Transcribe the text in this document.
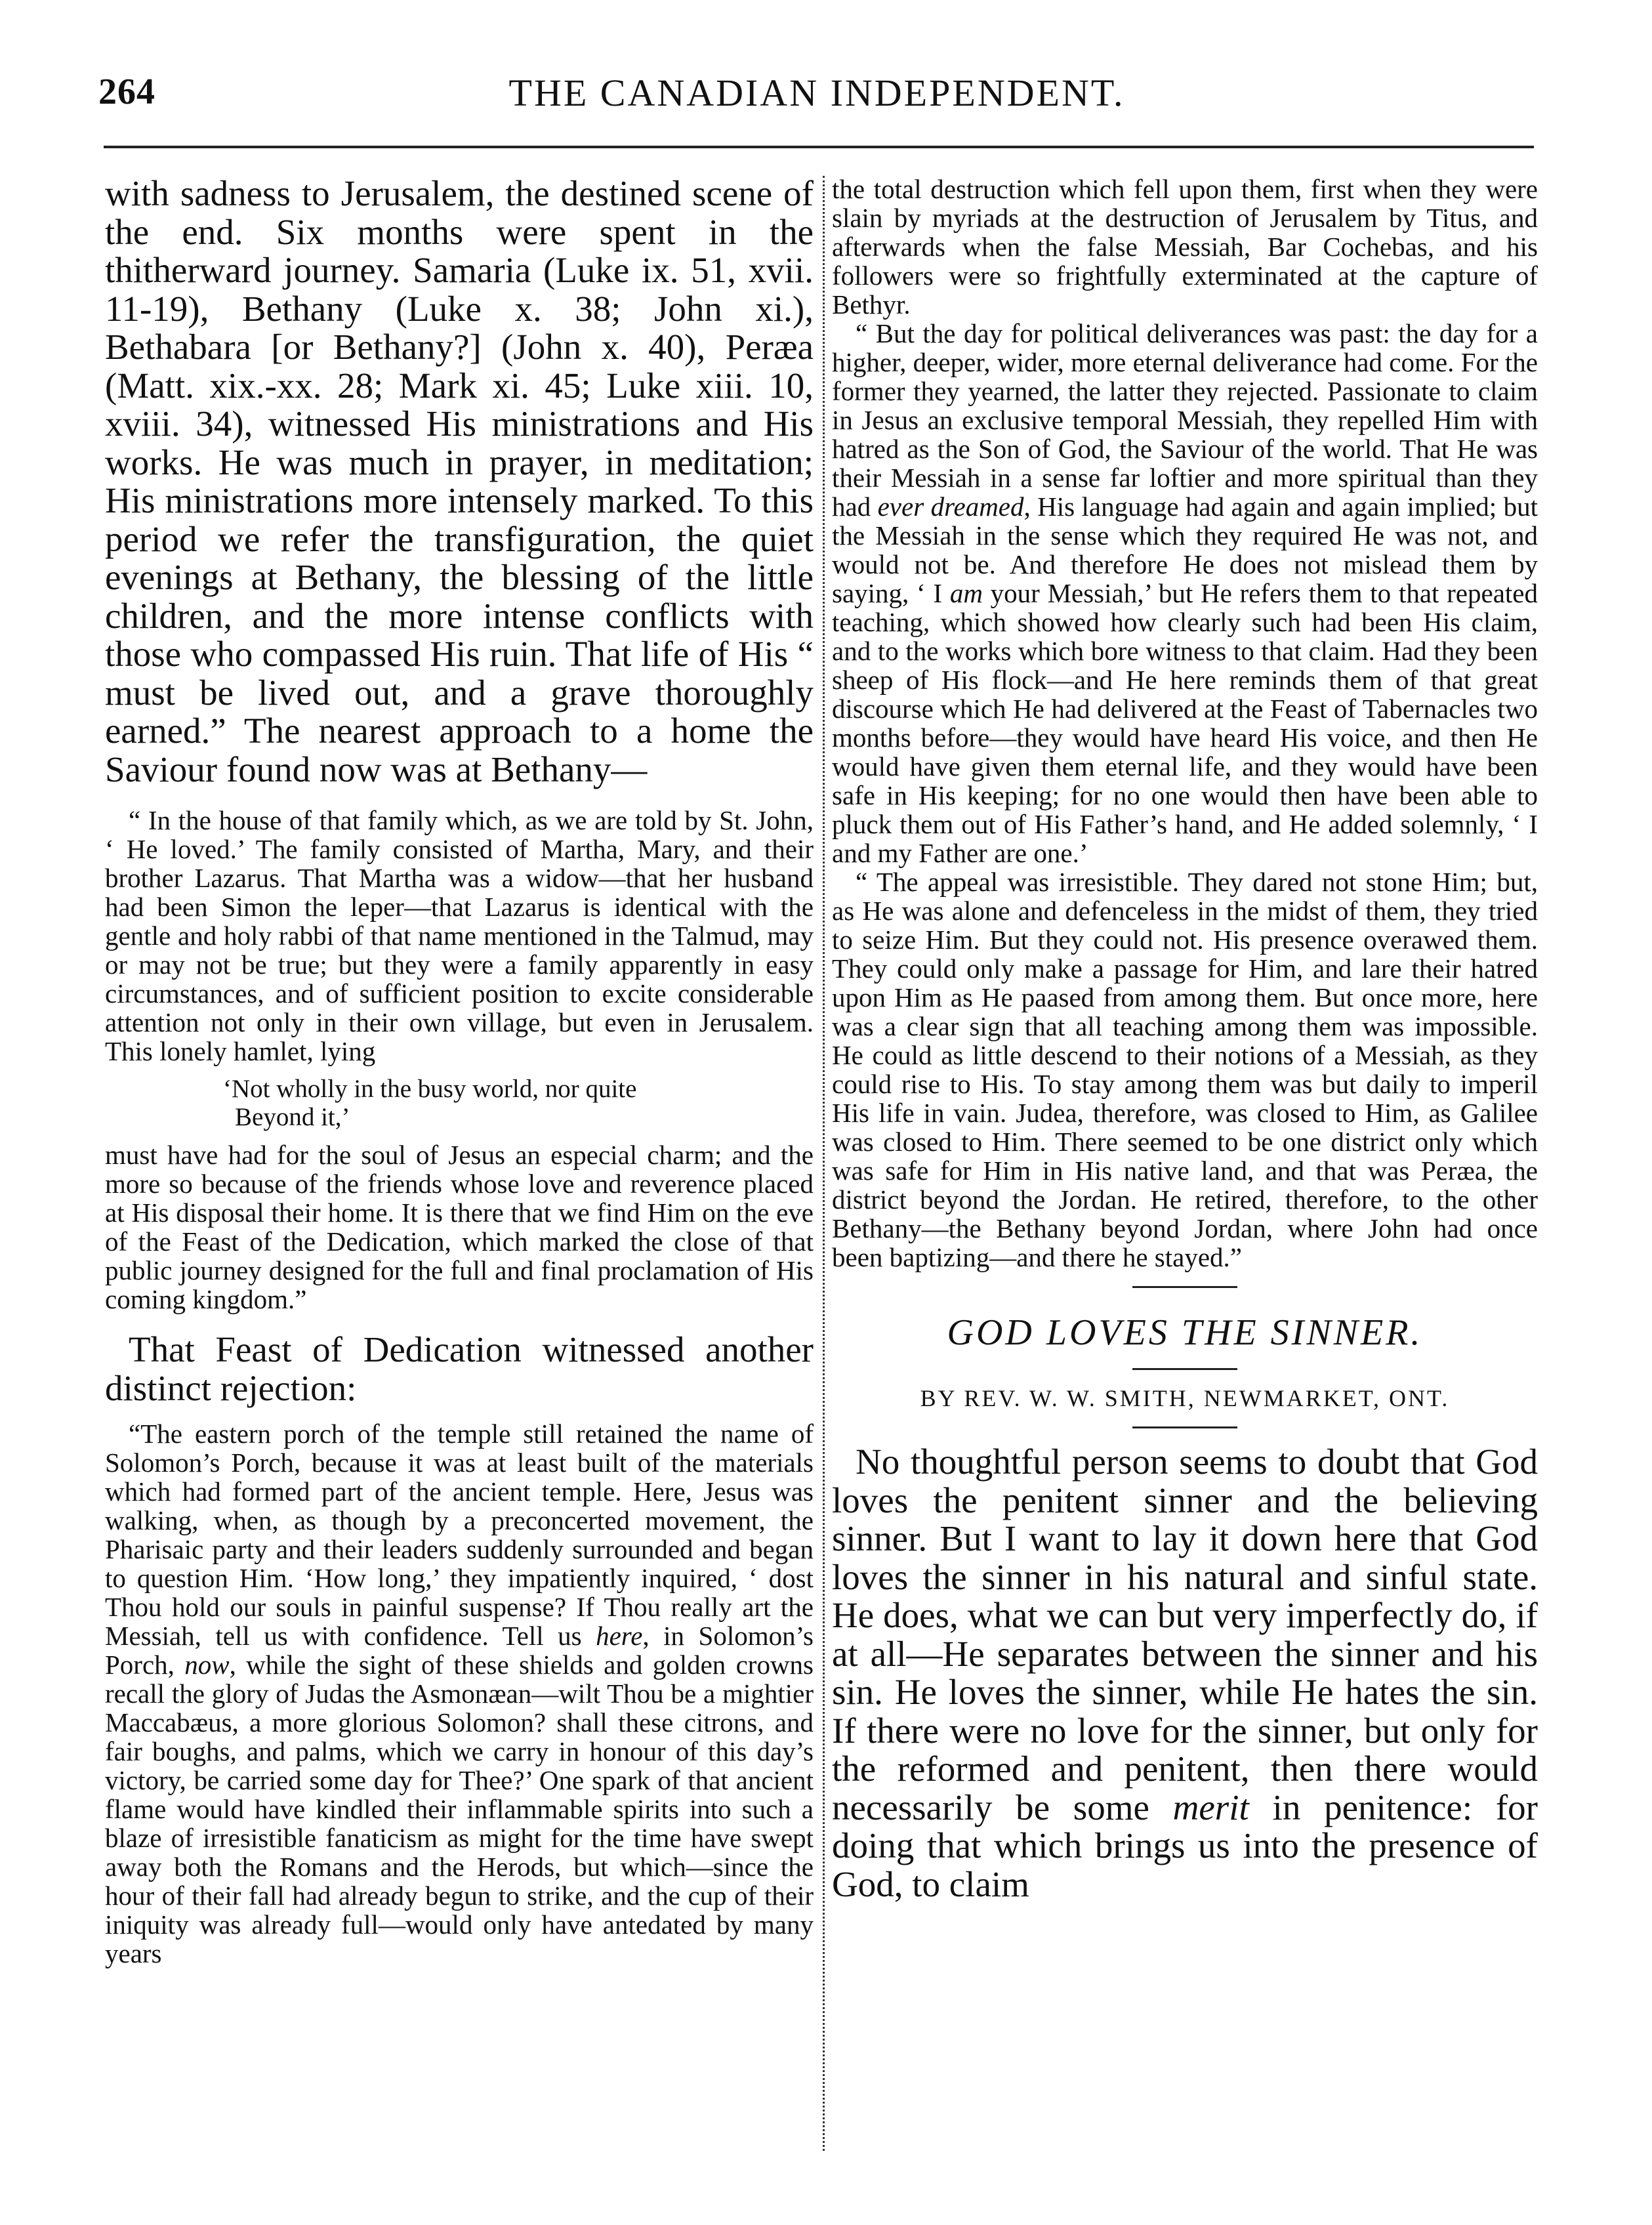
264	THE CANADIAN INDEPENDENT.

with sadness to Jerusalem, the destined scene of the end. Six months were spent in the thitherward journey. Samaria (Luke ix. 51, xvii. 11-19), Bethany (Luke x. 38; John xi.), Bethabara [or Bethany?] (John x. 40), Peræa (Matt. xix.-xx. 28; Mark xi. 45; Luke xiii. 10, xviii. 34), witnessed His ministrations and His works. He was much in prayer, in meditation; His ministrations more intensely marked. To this period we refer the transfiguration, the quiet evenings at Bethany, the blessing of the little children, and the more intense conflicts with those who compassed His ruin. That life of His “ must be lived out, and a grave thoroughly earned.” The nearest approach to a home the Saviour found now was at Bethany—

“ In the house of that family which, as we are told by St. John, ‘ He loved.’ The family consisted of Martha, Mary, and their brother Lazarus. That Martha was a widow—that her husband had been Simon the leper—that Lazarus is identical with the gentle and holy rabbi of that name mentioned in the Talmud, may or may not be true; but they were a family apparently in easy circumstances, and of sufficient position to excite considerable attention not only in their own village, but even in Jerusalem. This lonely hamlet, lying

‘Not wholly in the busy world, nor quite
Beyond it,’

must have had for the soul of Jesus an especial charm; and the more so because of the friends whose love and reverence placed at His disposal their home. It is there that we find Him on the eve of the Feast of the Dedication, which marked the close of that public journey designed for the full and final proclamation of His coming kingdom.”

That Feast of Dedication witnessed another distinct rejection:

“The eastern porch of the temple still retained the name of Solomon’s Porch, because it was at least built of the materials which had formed part of the ancient temple. Here, Jesus was walking, when, as though by a preconcerted movement, the Pharisaic party and their leaders suddenly surrounded and began to question Him. ‘How long,’ they impatiently inquired, ‘ dost Thou hold our souls in painful suspense? If Thou really art the Messiah, tell us with confidence. Tell us here, in Solomon’s Porch, now, while the sight of these shields and golden crowns recall the glory of Judas the Asmonæan—wilt Thou be a mightier Maccabæus, a more glorious Solomon? shall these citrons, and fair boughs, and palms, which we carry in honour of this day’s victory, be carried some day for Thee?’ One spark of that ancient flame would have kindled their inflammable spirits into such a blaze of irresistible fanaticism as might for the time have swept away both the Romans and the Herods, but which—since the hour of their fall had already begun to strike, and the cup of their iniquity was already full—would only have antedated by many years

the total destruction which fell upon them, first when they were slain by myriads at the destruction of Jerusalem by Titus, and afterwards when the false Messiah, Bar Cochebas, and his followers were so frightfully exterminated at the capture of Bethyr.

“ But the day for political deliverances was past: the day for a higher, deeper, wider, more eternal deliverance had come. For the former they yearned, the latter they rejected. Passionate to claim in Jesus an exclusive temporal Messiah, they repelled Him with hatred as the Son of God, the Saviour of the world. That He was their Messiah in a sense far loftier and more spiritual than they had ever dreamed, His language had again and again implied; but the Messiah in the sense which they required He was not, and would not be. And therefore He does not mislead them by saying, ‘ I am your Messiah,’ but He refers them to that repeated teaching, which showed how clearly such had been His claim, and to the works which bore witness to that claim. Had they been sheep of His flock—and He here reminds them of that great discourse which He had delivered at the Feast of Tabernacles two months before—they would have heard His voice, and then He would have given them eternal life, and they would have been safe in His keeping; for no one would then have been able to pluck them out of His Father’s hand, and He added solemnly, ‘ I and my Father are one.’

“ The appeal was irresistible. They dared not stone Him; but, as He was alone and defenceless in the midst of them, they tried to seize Him. But they could not. His presence overawed them. They could only make a passage for Him, and lare their hatred upon Him as He paased from among them. But once more, here was a clear sign that all teaching among them was impossible. He could as little descend to their notions of a Messiah, as they could rise to His. To stay among them was but daily to imperil His life in vain. Judea, therefore, was closed to Him, as Galilee was closed to Him. There seemed to be one district only which was safe for Him in His native land, and that was Peræa, the district beyond the Jordan. He retired, therefore, to the other Bethany—the Bethany beyond Jordan, where John had once been baptizing—and there he stayed.”

GOD LOVES THE SINNER.

BY REV. W. W. SMITH, NEWMARKET, ONT.

No thoughtful person seems to doubt that God loves the penitent sinner and the believing sinner. But I want to lay it down here that God loves the sinner in his natural and sinful state. He does, what we can but very imperfectly do, if at all—He separates between the sinner and his sin. He loves the sinner, while He hates the sin. If there were no love for the sinner, but only for the reformed and penitent, then there would necessarily be some merit in penitence: for doing that which brings us into the presence of God, to claim
